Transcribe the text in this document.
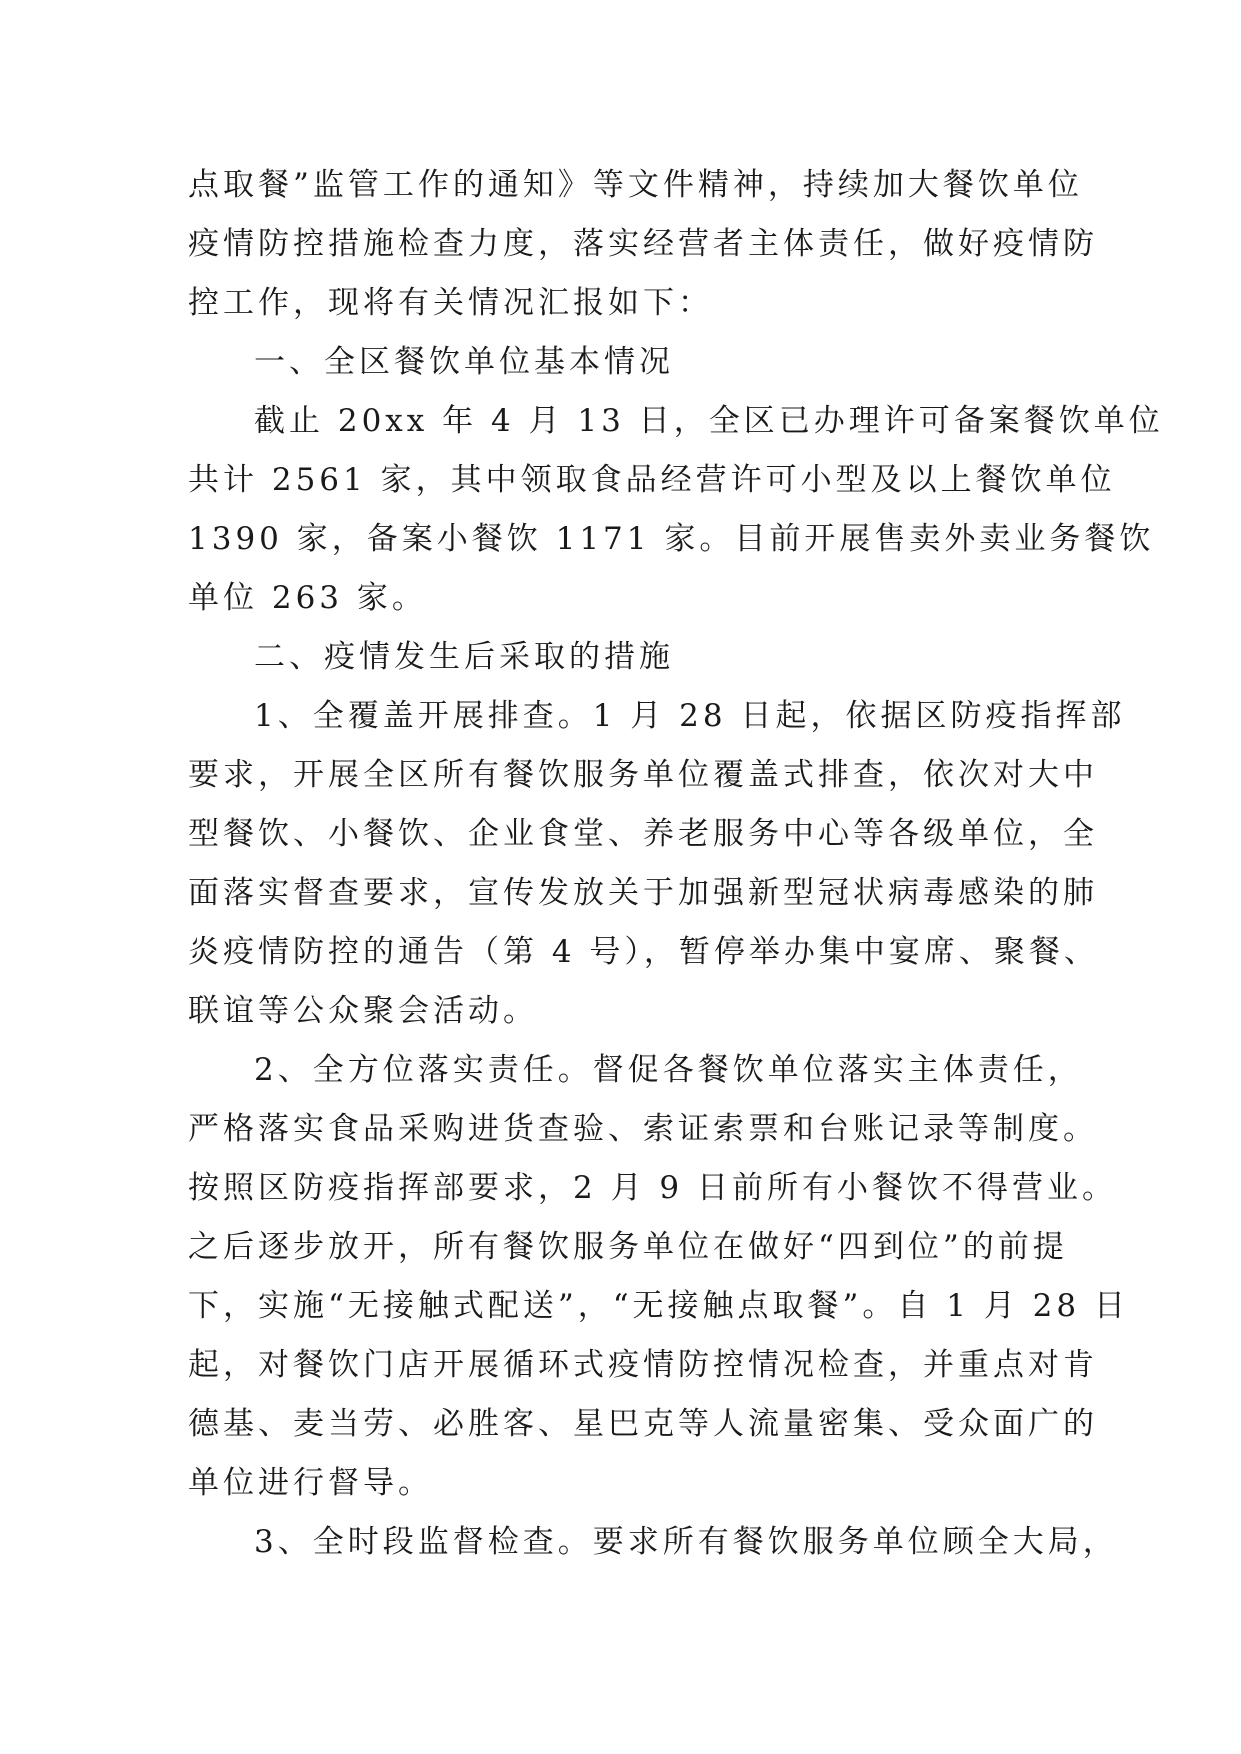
点取餐”监管工作的通知》等文件精神，持续加大餐饮单位
疫情防控措施检查力度，落实经营者主体责任，做好疫情防
控工作，现将有关情况汇报如下：
一、全区餐饮单位基本情况
截止 20xx 年 4 月 13 日，全区已办理许可备案餐饮单位
共计 2561 家，其中领取食品经营许可小型及以上餐饮单位
1390 家，备案小餐饮 1171 家。目前开展售卖外卖业务餐饮
单位 263 家。
二、疫情发生后采取的措施
1、全覆盖开展排查。1 月 28 日起，依据区防疫指挥部
要求，开展全区所有餐饮服务单位覆盖式排查，依次对大中
型餐饮、小餐饮、企业食堂、养老服务中心等各级单位，全
面落实督查要求，宣传发放关于加强新型冠状病毒感染的肺
炎疫情防控的通告（第 4 号），暂停举办集中宴席、聚餐、
联谊等公众聚会活动。
2、全方位落实责任。督促各餐饮单位落实主体责任，
严格落实食品采购进货查验、索证索票和台账记录等制度。
按照区防疫指挥部要求，2 月 9 日前所有小餐饮不得营业。
之后逐步放开，所有餐饮服务单位在做好“四到位”的前提
下，实施“无接触式配送”，“无接触点取餐”。自 1 月 28 日
起，对餐饮门店开展循环式疫情防控情况检查，并重点对肯
德基、麦当劳、必胜客、星巴克等人流量密集、受众面广的
单位进行督导。
3、全时段监督检查。要求所有餐饮服务单位顾全大局，
